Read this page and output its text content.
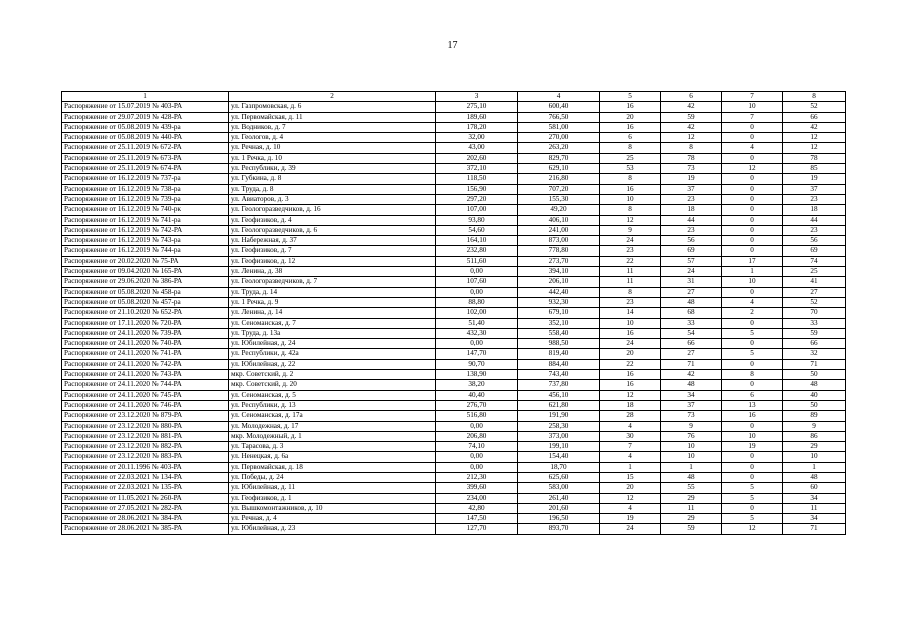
17
1	2	3	4	5	6	7	8
Распоряжение от 15.07.2019 № 403-РА	ул. Газпромовская, д. 6	275,10	600,40	16	42	10	52
Распоряжение от 29.07.2019 № 428-РА	ул. Первомайская, д. 11	189,60	766,50	20	59	7	66
Распоряжение от 05.08.2019 № 439-ра	ул. Водников, д. 7	178,20	581,00	16	42	0	42
Распоряжение от 05.08.2019 № 440-РА	ул. Геологов, д. 4	32,00	270,00	6	12	0	12
Распоряжение от 25.11.2019 № 672-РА	ул. Речная, д. 10	43,00	263,20	8	8	4	12
Распоряжение от 25.11.2019 № 673-РА	ул. 1 Речка, д. 10	202,60	829,70	25	78	0	78
Распоряжение от 25.11.2019 № 674-РА	ул. Республики, д. 39	372,10	629,10	53	73	12	85
Распоряжение от 16.12.2019 № 737-ра	ул. Губкина, д. 8	118,50	216,80	8	19	0	19
Распоряжение от 16.12.2019 № 738-ра	ул. Труда, д. 8	156,90	707,20	16	37	0	37
Распоряжение от 16.12.2019 № 739-ра	ул. Авиаторов, д. 3	297,20	155,30	10	23	0	23
Распоряжение от 16.12.2019 № 740-рк	ул. Геологоразведчиков, д. 16	107,00	49,20	8	18	0	18
Распоряжение от 16.12.2019 № 741-ра	ул. Геофизиков, д. 4	93,80	406,10	12	44	0	44
Распоряжение от 16.12.2019 № 742-РА	ул. Геологоразведчиков, д. 6	54,60	241,00	9	23	0	23
Распоряжение от 16.12.2019 № 743-ра	ул. Набережная, д. 37	164,10	873,00	24	56	0	56
Распоряжение от 16.12.2019 № 744-ра	ул. Геофизиков, д. 7	232,80	778,80	23	69	0	69
Распоряжение от 20.02.2020 № 75-РА	ул. Геофизиков, д. 12	511,60	273,70	22	57	17	74
Распоряжение от 09.04.2020 № 165-РА	ул. Ленина, д. 38	0,00	394,10	11	24	1	25
Распоряжение от 29.06.2020 № 386-РА	ул. Геологоразведчиков, д. 7	107,60	206,10	11	31	10	41
Распоряжение от 05.08.2020 № 458-ра	ул. Труда, д. 14	0,00	442,40	8	27	0	27
Распоряжение от 05.08.2020 № 457-ра	ул. 1 Речка, д. 9	88,80	932,30	23	48	4	52
Распоряжение от 21.10.2020 № 652-РА	ул. Ленина, д. 14	102,00	679,10	14	68	2	70
Распоряжение от 17.11.2020 № 720-РА	ул. Сеноманская, д. 7	51,40	352,10	10	33	0	33
Распоряжение от 24.11.2020 № 739-РА	ул. Труда, д. 13а	432,30	558,40	16	54	5	59
Распоряжение от 24.11.2020 № 740-РА	ул. Юбилейная, д. 24	0,00	988,50	24	66	0	66
Распоряжение от 24.11.2020 № 741-РА	ул. Республики, д. 42а	147,70	819,40	20	27	5	32
Распоряжение от 24.11.2020 № 742-РА	ул. Юбилейная, д. 22	90,70	884,40	22	71	0	71
Распоряжение от 24.11.2020 № 743-РА	мкр. Советский, д. 2	138,90	743,40	16	42	8	50
Распоряжение от 24.11.2020 № 744-РА	мкр. Советский, д. 20	38,20	737,80	16	48	0	48
Распоряжение от 24.11.2020 № 745-РА	ул. Сеноманская, д. 5	40,40	456,10	12	34	6	40
Распоряжение от 24.11.2020 № 746-РА	ул. Республики, д. 13	276,70	621,80	18	37	13	50
Распоряжение от 23.12.2020 № 879-РА	ул. Сеноманская, д. 17а	516,80	191,90	28	73	16	89
Распоряжение от 23.12.2020 № 880-РА	ул. Молодежная, д. 17	0,00	258,30	4	9	0	9
Распоряжение от 23.12.2020 № 881-РА	мкр. Молодежный, д. 1	206,80	373,00	30	76	10	86
Распоряжение от 23.12.2020 № 882-РА	ул. Тарасова, д. 3	74,10	199,10	7	10	19	29
Распоряжение от 23.12.2020 № 883-РА	ул. Ненецкая, д. 6а	0,00	154,40	4	10	0	10
Распоряжение от 20.11.1996 № 403-РА	ул. Первомайская, д. 18	0,00	18,70	1	1	0	1
Распоряжение от 22.03.2021 № 134-РА	ул. Победы, д. 24	212,30	625,60	15	48	0	48
Распоряжение от 22.03.2021 № 135-РА	ул. Юбилейная, д. 11	399,60	583,00	20	55	5	60
Распоряжение от 11.05.2021 № 260-РА	ул. Геофизиков, д. 1	234,00	261,40	12	29	5	34
Распоряжение от 27.05.2021 № 282-РА	ул. Вышкомонтажников, д. 10	42,80	201,60	4	11	0	11
Распоряжение от 28.06.2021 № 384-РА	ул. Речная, д. 4	147,50	196,50	19	29	5	34
Распоряжение от 28.06.2021 № 385-РА	ул. Юбилейная, д. 23	127,70	893,70	24	59	12	71
